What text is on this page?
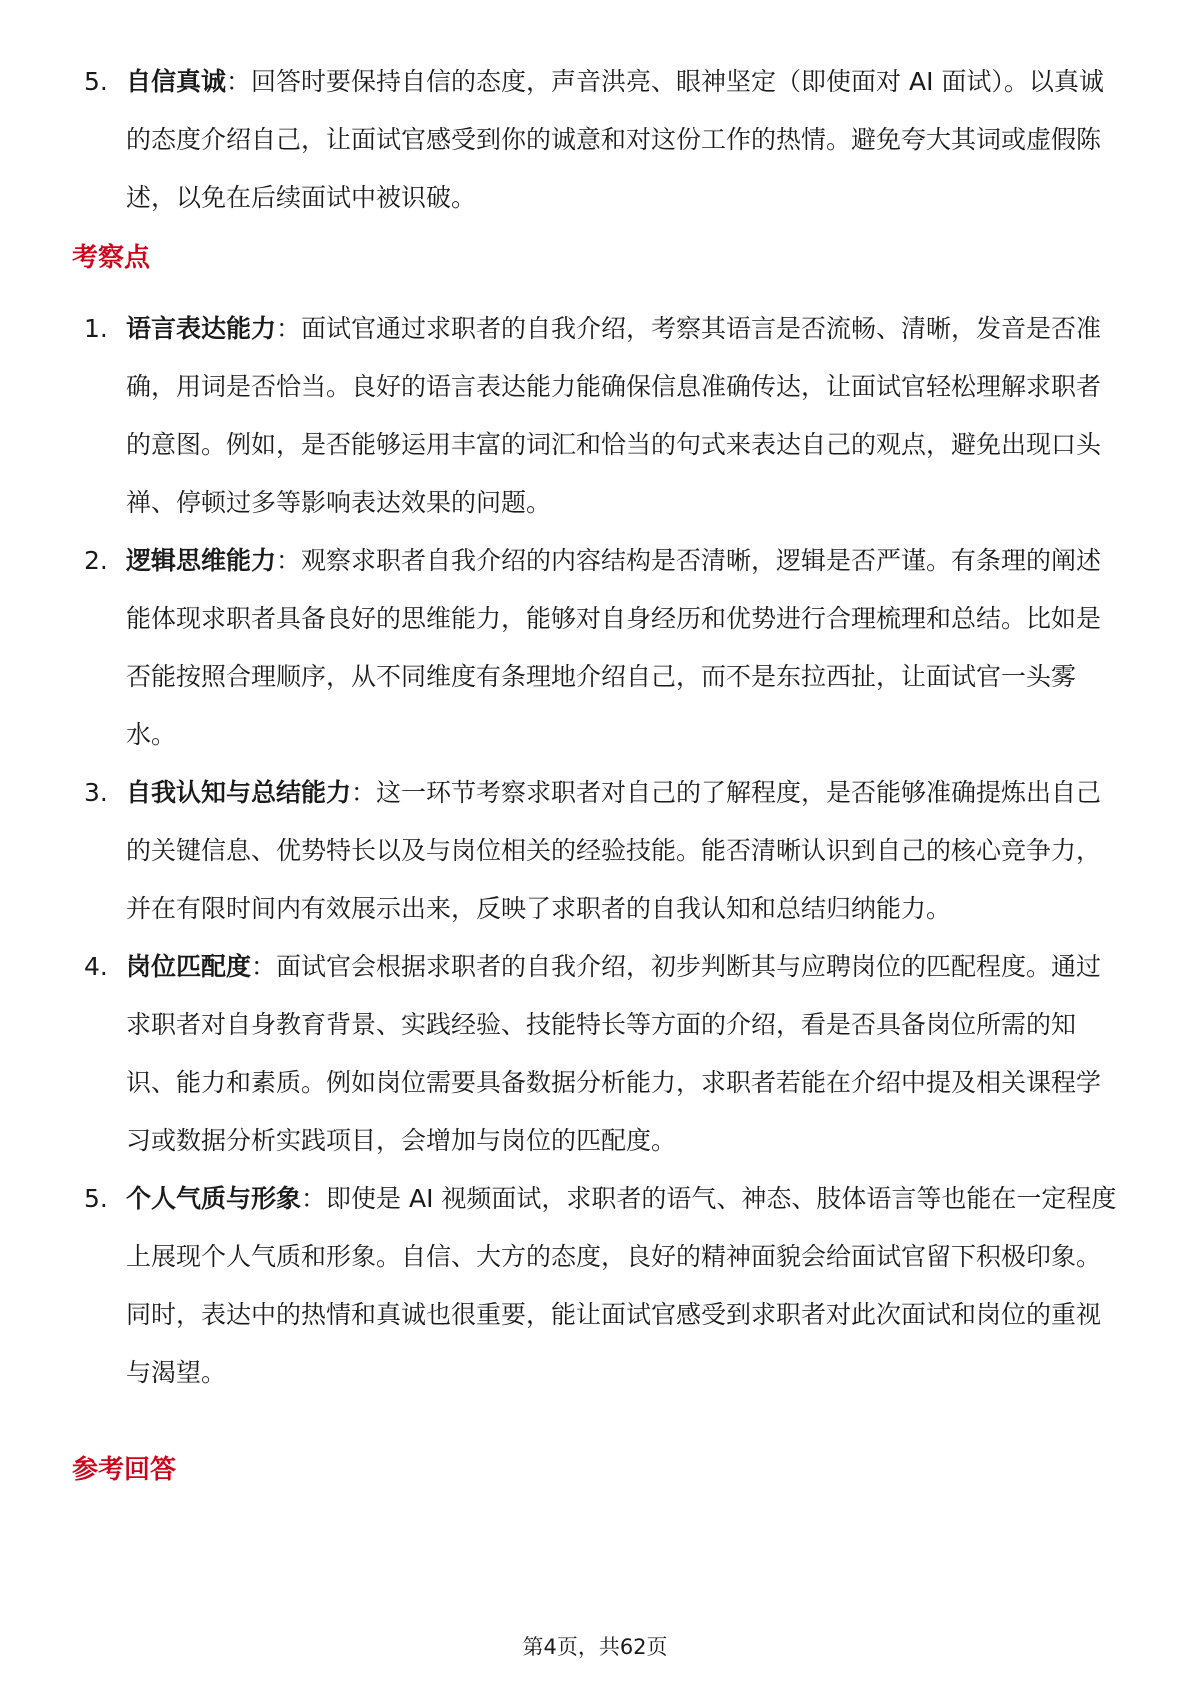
5. 自信真诚：回答时要保持自信的态度，声音洪亮、眼神坚定（即使面对 AI 面试）。以真诚的态度介绍自己，让面试官感受到你的诚意和对这份工作的热情。避免夸大其词或虚假陈述，以免在后续面试中被识破。
考察点
1. 语言表达能力：面试官通过求职者的自我介绍，考察其语言是否流畅、清晰，发音是否准确，用词是否恰当。良好的语言表达能力能确保信息准确传达，让面试官轻松理解求职者的意图。例如，是否能够运用丰富的词汇和恰当的句式来表达自己的观点，避免出现口头禅、停顿过多等影响表达效果的问题。
2. 逻辑思维能力：观察求职者自我介绍的内容结构是否清晰，逻辑是否严谨。有条理的阐述能体现求职者具备良好的思维能力，能够对自身经历和优势进行合理梳理和总结。比如是否能按照合理顺序，从不同维度有条理地介绍自己，而不是东拉西扯，让面试官一头雾水。
3. 自我认知与总结能力：这一环节考察求职者对自己的了解程度，是否能够准确提炼出自己的关键信息、优势特长以及与岗位相关的经验技能。能否清晰认识到自己的核心竞争力，并在有限时间内有效展示出来，反映了求职者的自我认知和总结归纳能力。
4. 岗位匹配度：面试官会根据求职者的自我介绍，初步判断其与应聘岗位的匹配程度。通过求职者对自身教育背景、实践经验、技能特长等方面的介绍，看是否具备岗位所需的知识、能力和素质。例如岗位需要具备数据分析能力，求职者若能在介绍中提及相关课程学习或数据分析实践项目，会增加与岗位的匹配度。
5. 个人气质与形象：即使是 AI 视频面试，求职者的语气、神态、肢体语言等也能在一定程度上展现个人气质和形象。自信、大方的态度，良好的精神面貌会给面试官留下积极印象。同时，表达中的热情和真诚也很重要，能让面试官感受到求职者对此次面试和岗位的重视与渴望。
参考回答
第4页，共62页
